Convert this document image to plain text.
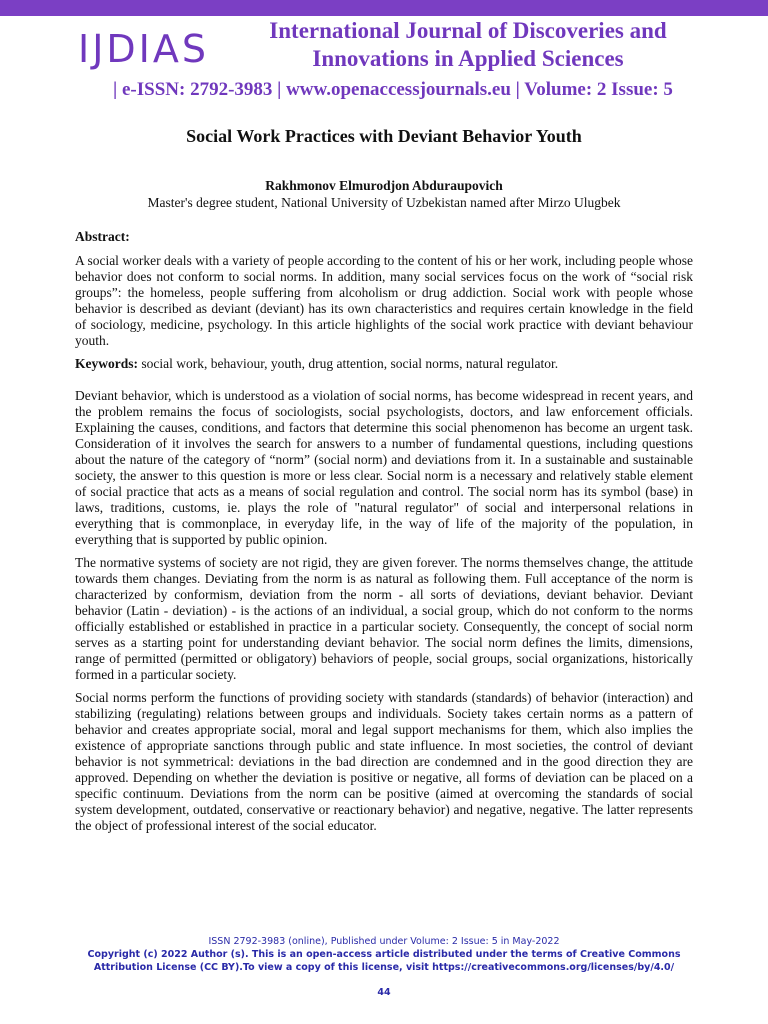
IJDIAS	International Journal of Discoveries and Innovations in Applied Sciences
| e-ISSN: 2792-3983 | www.openaccessjournals.eu | Volume: 2 Issue: 5
Social Work Practices with Deviant Behavior Youth
Rakhmonov Elmurodjon Abduraupovich
Master's degree student, National University of Uzbekistan named after Mirzo Ulugbek

Abstract:

A social worker deals with a variety of people according to the content of his or her work, including people whose behavior does not conform to social norms. In addition, many social services focus on the work of “social risk groups”: the homeless, people suffering from alcoholism or drug addiction. Social work with people whose behavior is described as deviant (deviant) has its own characteristics and requires certain knowledge in the field of sociology, medicine, psychology. In this article highlights of the social work practice with deviant behaviour youth.

Keywords: social work, behaviour, youth, drug attention, social norms, natural regulator.

Deviant behavior, which is understood as a violation of social norms, has become widespread in recent years, and the problem remains the focus of sociologists, social psychologists, doctors, and law enforcement officials. Explaining the causes, conditions, and factors that determine this social phenomenon has become an urgent task. Consideration of it involves the search for answers to a number of fundamental questions, including questions about the nature of the category of “norm” (social norm) and deviations from it. In a sustainable and sustainable society, the answer to this question is more or less clear. Social norm is a necessary and relatively stable element of social practice that acts as a means of social regulation and control. The social norm has its symbol (base) in laws, traditions, customs, ie. plays the role of "natural regulator" of social and interpersonal relations in everything that is commonplace, in everyday life, in the way of life of the majority of the population, in everything that is supported by public opinion.

The normative systems of society are not rigid, they are given forever. The norms themselves change, the attitude towards them changes. Deviating from the norm is as natural as following them. Full acceptance of the norm is characterized by conformism, deviation from the norm - all sorts of deviations, deviant behavior. Deviant behavior (Latin - deviation) - is the actions of an individual, a social group, which do not conform to the norms officially established or established in practice in a particular society. Consequently, the concept of social norm serves as a starting point for understanding deviant behavior. The social norm defines the limits, dimensions, range of permitted (permitted or obligatory) behaviors of people, social groups, social organizations, historically formed in a particular society.

Social norms perform the functions of providing society with standards (standards) of behavior (interaction) and stabilizing (regulating) relations between groups and individuals. Society takes certain norms as a pattern of behavior and creates appropriate social, moral and legal support mechanisms for them, which also implies the existence of appropriate sanctions through public and state influence. In most societies, the control of deviant behavior is not symmetrical: deviations in the bad direction are condemned and in the good direction they are approved. Depending on whether the deviation is positive or negative, all forms of deviation can be placed on a specific continuum. Deviations from the norm can be positive (aimed at overcoming the standards of social system development, outdated, conservative or reactionary behavior) and negative, negative. The latter represents the object of professional interest of the social educator.

ISSN 2792-3983 (online), Published under Volume: 2 Issue: 5 in May-2022
Copyright (c) 2022 Author (s). This is an open-access article distributed under the terms of Creative Commons
Attribution License (CC BY).To view a copy of this license, visit https://creativecommons.org/licenses/by/4.0/
44
